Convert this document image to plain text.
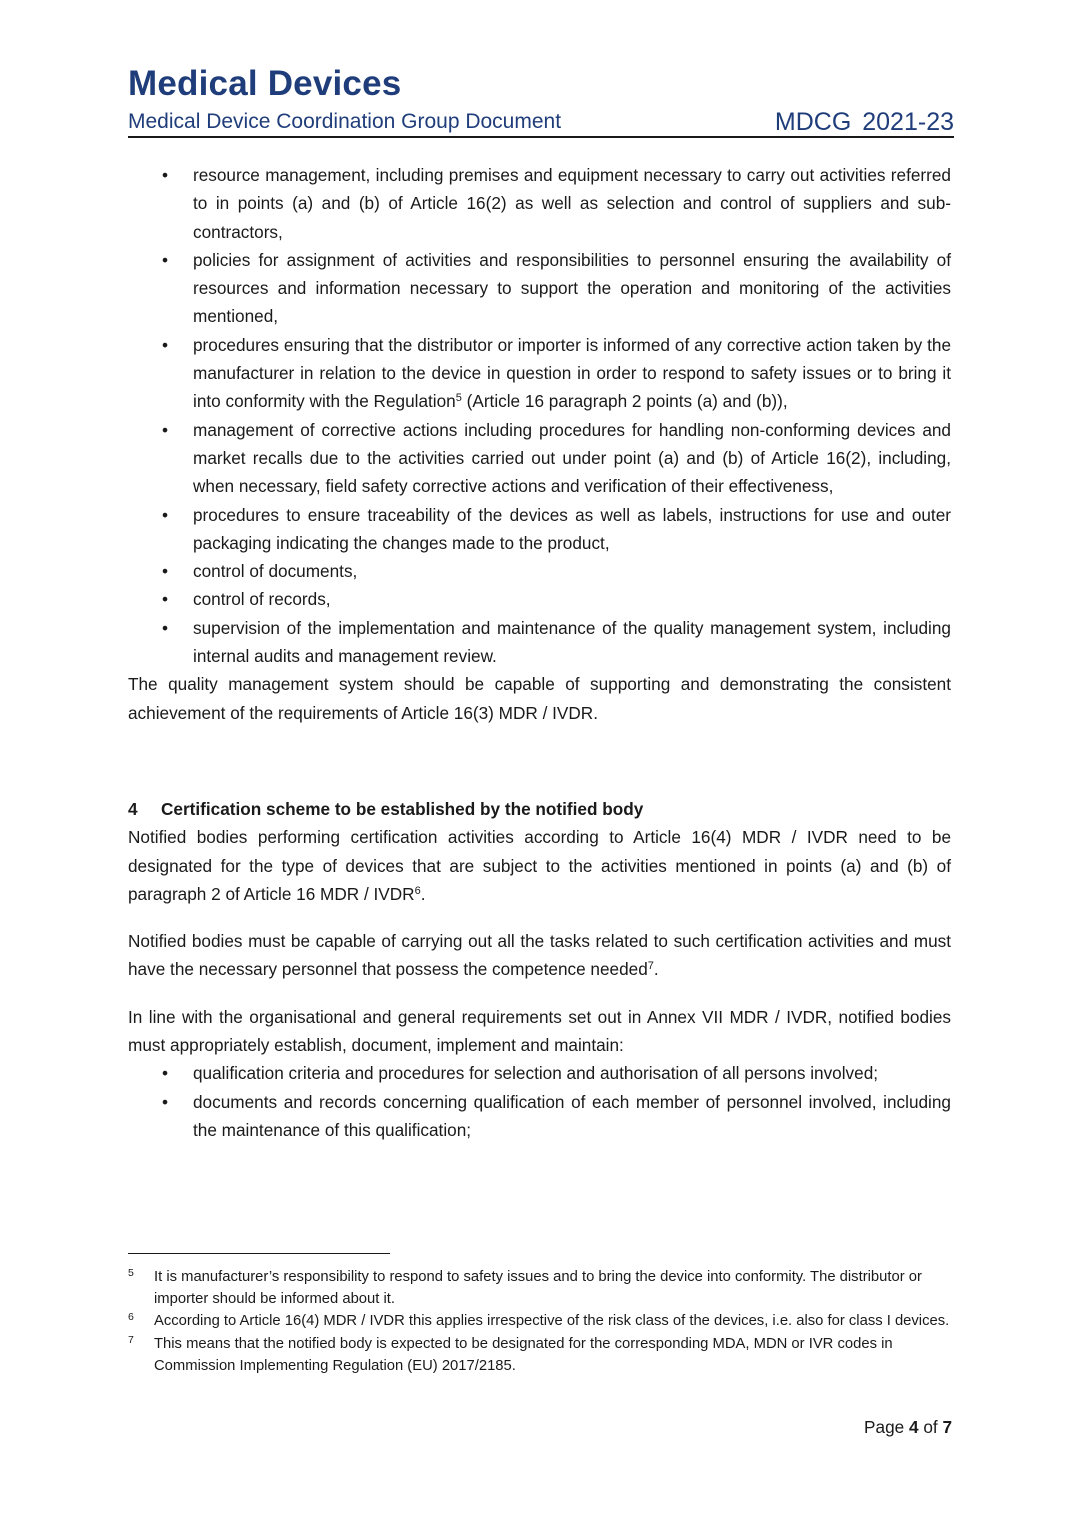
Medical Devices
Medical Device Coordination Group Document	MDCG 2021-23
• resource management, including premises and equipment necessary to carry out activities referred to in points (a) and (b) of Article 16(2) as well as selection and control of suppliers and sub-contractors,
• policies for assignment of activities and responsibilities to personnel ensuring the availability of resources and information necessary to support the operation and monitoring of the activities mentioned,
• procedures ensuring that the distributor or importer is informed of any corrective action taken by the manufacturer in relation to the device in question in order to respond to safety issues or to bring it into conformity with the Regulation$^5$ (Article 16 paragraph 2 points (a) and (b)),
• management of corrective actions including procedures for handling non-conforming devices and market recalls due to the activities carried out under point (a) and (b) of Article 16(2), including, when necessary, field safety corrective actions and verification of their effectiveness,
• procedures to ensure traceability of the devices as well as labels, instructions for use and outer packaging indicating the changes made to the product,
• control of documents,
• control of records,
• supervision of the implementation and maintenance of the quality management system, including internal audits and management review.

The quality management system should be capable of supporting and demonstrating the consistent achievement of the requirements of Article 16(3) MDR / IVDR.

4 Certification scheme to be established by the notified body

Notified bodies performing certification activities according to Article 16(4) MDR / IVDR need to be designated for the type of devices that are subject to the activities mentioned in points (a) and (b) of paragraph 2 of Article 16 MDR / IVDR$^6$.

Notified bodies must be capable of carrying out all the tasks related to such certification activities and must have the necessary personnel that possess the competence needed$^7$.

In line with the organisational and general requirements set out in Annex VII MDR / IVDR, notified bodies must appropriately establish, document, implement and maintain:

• qualification criteria and procedures for selection and authorisation of all persons involved;
• documents and records concerning qualification of each member of personnel involved, including the maintenance of this qualification;
5 It is manufacturer’s responsibility to respond to safety issues and to bring the device into conformity. The distributor or importer should be informed about it.
6 According to Article 16(4) MDR / IVDR this applies irrespective of the risk class of the devices, i.e. also for class I devices.
7 This means that the notified body is expected to be designated for the corresponding MDA, MDN or IVR codes in Commission Implementing Regulation (EU) 2017/2185.
Page 4 of 7
